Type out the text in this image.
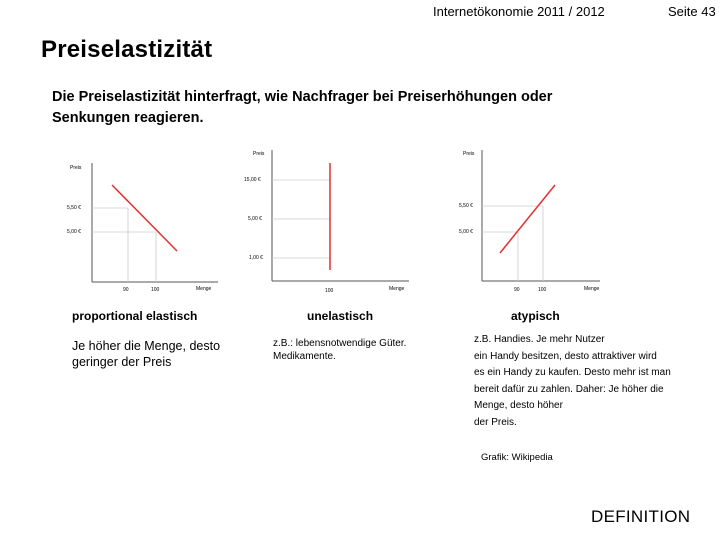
Internetökonomie 2011 / 2012	Seite 43
Preiselastizität
Die Preiselastizität hinterfragt, wie Nachfrager bei Preiserhöhungen oder Senkungen reagieren.
Preis
5,50 €
5,00 €
90	100	Menge
Preis
15,00 €
5,00 €
1,00 €
100	Menge
Preis
5,50 €
5,00 €
90	100	Menge
proportional elastisch	unelastisch	atypisch
Je höher die Menge, desto geringer der Preis
z.B.: lebensnotwendige Güter. Medikamente.
z.B. Handies. Je mehr Nutzer
ein Handy besitzen, desto attraktiver wird
es ein Handy zu kaufen. Desto mehr ist man
bereit dafür zu zahlen. Daher: Je höher die
Menge, desto höher
der Preis.
Grafik: Wikipedia
DEFINITION
